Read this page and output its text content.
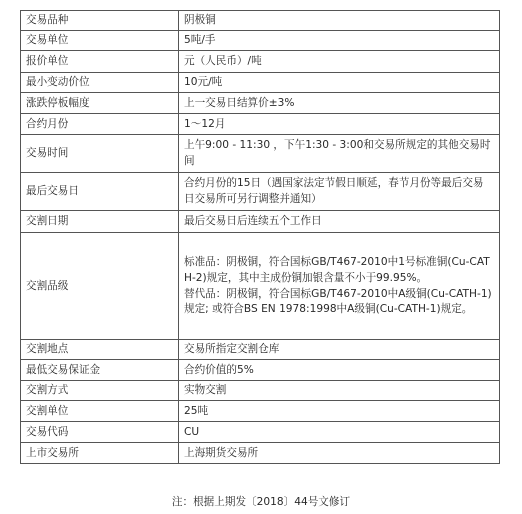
交易品种	阴极铜

交易单位	5吨/手

报价单位	元（人民币）/吨

最小变动价位	10元/吨

涨跌停板幅度	上一交易日结算价±3%

合约月份	1～12月

交易时间	上午9:00 - 11:30 ，下午1:30 - 3:00和交易所规定的其他交易时间

最后交易日	合约月份的15日（遇国家法定节假日顺延，春节月份等最后交易日交易所可另行调整并通知）

交割日期	最后交易日后连续五个工作日

交割品级	标准品：阴极铜，符合国标GB/T467-2010中1号标准铜(Cu-CATH-2)规定，其中主成份铜加银含量不小于99.95%。
替代品：阴极铜，符合国标GB/T467-2010中A级铜(Cu-CATH-1)规定; 或符合BS EN 1978:1998中A级铜(Cu-CATH-1)规定。

交割地点	交易所指定交割仓库

最低交易保证金	合约价值的5%

交割方式	实物交割

交割单位	25吨

交易代码	CU

上市交易所	上海期货交易所
注：根据上期发〔2018〕44号文修订
